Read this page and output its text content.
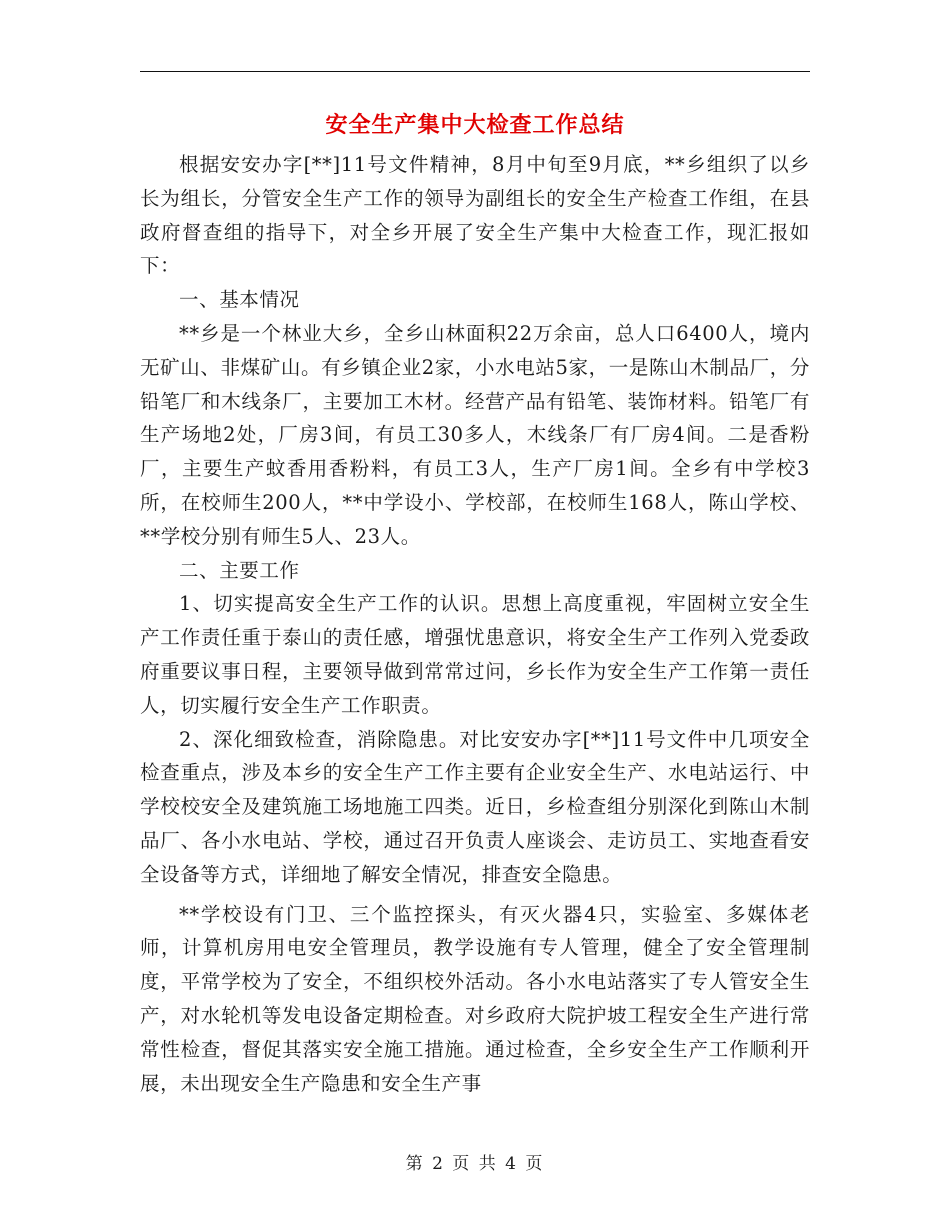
安全生产集中大检查工作总结

根据安安办字[**]11号文件精神，8月中旬至9月底，**乡组织了以乡长为组长，分管安全生产工作的领导为副组长的安全生产检查工作组，在县政府督查组的指导下，对全乡开展了安全生产集中大检查工作，现汇报如下：

一、基本情况

**乡是一个林业大乡，全乡山林面积22万余亩，总人口6400人，境内无矿山、非煤矿山。有乡镇企业2家，小水电站5家，一是陈山木制品厂，分铅笔厂和木线条厂，主要加工木材。经营产品有铅笔、装饰材料。铅笔厂有生产场地2处，厂房3间，有员工30多人，木线条厂有厂房4间。二是香粉厂，主要生产蚊香用香粉料，有员工3人，生产厂房1间。全乡有中学校3所，在校师生200人，**中学设小、学校部，在校师生168人，陈山学校、**学校分别有师生5人、23人。

二、主要工作

1、切实提高安全生产工作的认识。思想上高度重视，牢固树立安全生产工作责任重于泰山的责任感，增强忧患意识，将安全生产工作列入党委政府重要议事日程，主要领导做到常常过问，乡长作为安全生产工作第一责任人，切实履行安全生产工作职责。

2、深化细致检查，消除隐患。对比安安办字[**]11号文件中几项安全检查重点，涉及本乡的安全生产工作主要有企业安全生产、水电站运行、中学校校安全及建筑施工场地施工四类。近日，乡检查组分别深化到陈山木制品厂、各小水电站、学校，通过召开负责人座谈会、走访员工、实地查看安全设备等方式，详细地了解安全情况，排查安全隐患。

**学校设有门卫、三个监控探头，有灭火器4只，实验室、多媒体老师，计算机房用电安全管理员，教学设施有专人管理，健全了安全管理制度，平常学校为了安全，不组织校外活动。各小水电站落实了专人管安全生产，对水轮机等发电设备定期检查。对乡政府大院护坡工程安全生产进行常常性检查，督促其落实安全施工措施。通过检查，全乡安全生产工作顺利开展，未出现安全生产隐患和安全生产事

第 2 页 共 4 页
